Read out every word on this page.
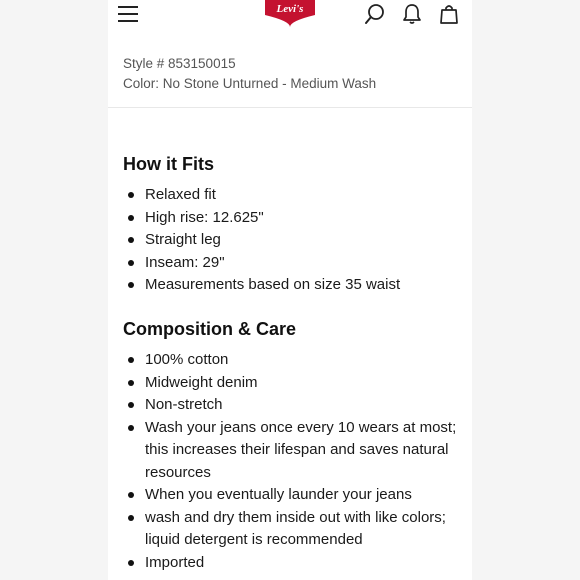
Levi's
Style # 853150015
Color: No Stone Unturned - Medium Wash
How it Fits
Relaxed fit
High rise: 12.625"
Straight leg
Inseam: 29"
Measurements based on size 35 waist
Composition & Care
100% cotton
Midweight denim
Non-stretch
Wash your jeans once every 10 wears at most; this increases their lifespan and saves natural resources
When you eventually launder your jeans
wash and dry them inside out with like colors; liquid detergent is recommended
Imported
